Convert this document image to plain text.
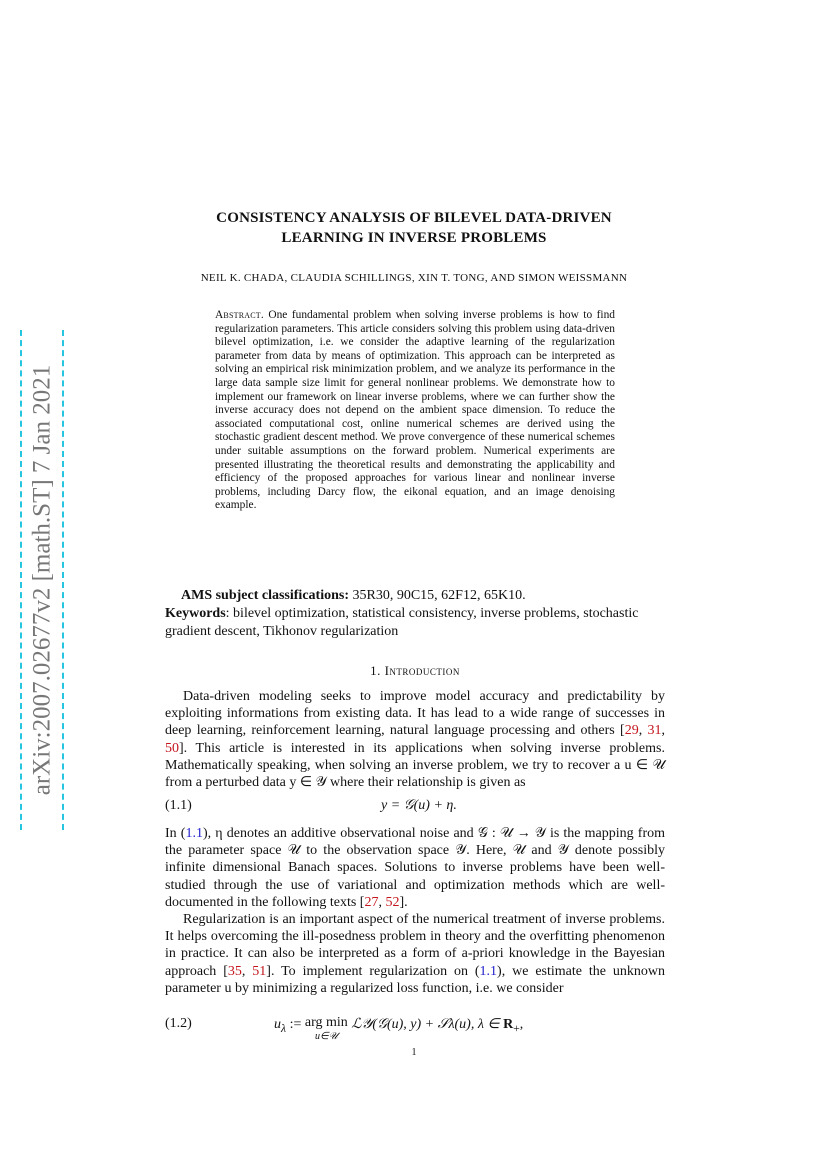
arXiv:2007.02677v2 [math.ST] 7 Jan 2021
CONSISTENCY ANALYSIS OF BILEVEL DATA-DRIVEN
LEARNING IN INVERSE PROBLEMS
NEIL K. CHADA, CLAUDIA SCHILLINGS, XIN T. TONG, AND SIMON WEISSMANN
Abstract. One fundamental problem when solving inverse problems is how to find regularization parameters. This article considers solving this problem using data-driven bilevel optimization, i.e. we consider the adaptive learning of the regularization parameter from data by means of optimization. This approach can be interpreted as solving an empirical risk minimization problem, and we analyze its performance in the large data sample size limit for general nonlinear problems. We demonstrate how to implement our framework on linear inverse problems, where we can further show the inverse accuracy does not depend on the ambient space dimension. To reduce the associated computational cost, online numerical schemes are derived using the stochastic gradient descent method. We prove convergence of these numerical schemes under suitable assumptions on the forward problem. Numerical experiments are presented illustrating the theoretical results and demonstrating the applicability and efficiency of the proposed approaches for various linear and nonlinear inverse problems, including Darcy flow, the eikonal equation, and an image denoising example.
AMS subject classifications: 35R30, 90C15, 62F12, 65K10.
Keywords: bilevel optimization, statistical consistency, inverse problems, stochastic gradient descent, Tikhonov regularization
1. Introduction
Data-driven modeling seeks to improve model accuracy and predictability by exploiting informations from existing data. It has lead to a wide range of successes in deep learning, reinforcement learning, natural language processing and others [29, 31, 50]. This article is interested in its applications when solving inverse problems. Mathematically speaking, when solving an inverse problem, we try to recover a u ∈ 𝒰 from a perturbed data y ∈ 𝒴 where their relationship is given as
(1.1)	y = 𝒢(u) + η.
In (1.1), η denotes an additive observational noise and 𝒢 : 𝒰 → 𝒴 is the mapping from the parameter space 𝒰 to the observation space 𝒴. Here, 𝒰 and 𝒴 denote possibly infinite dimensional Banach spaces. Solutions to inverse problems have been well-studied through the use of variational and optimization methods which are well-documented in the following texts [27, 52].
Regularization is an important aspect of the numerical treatment of inverse problems. It helps overcoming the ill-posedness problem in theory and the overfitting phenomenon in practice. It can also be interpreted as a form of a-priori knowledge in the Bayesian approach [35, 51]. To implement regularization on (1.1), we estimate the unknown parameter u by minimizing a regularized loss function, i.e. we consider
(1.2)	$u_\lambda$ := arg min
u∈𝒰
ℒ𝒴(𝒢(u), y) + 𝒮λ(u), λ ∈ $R_+$,
1
